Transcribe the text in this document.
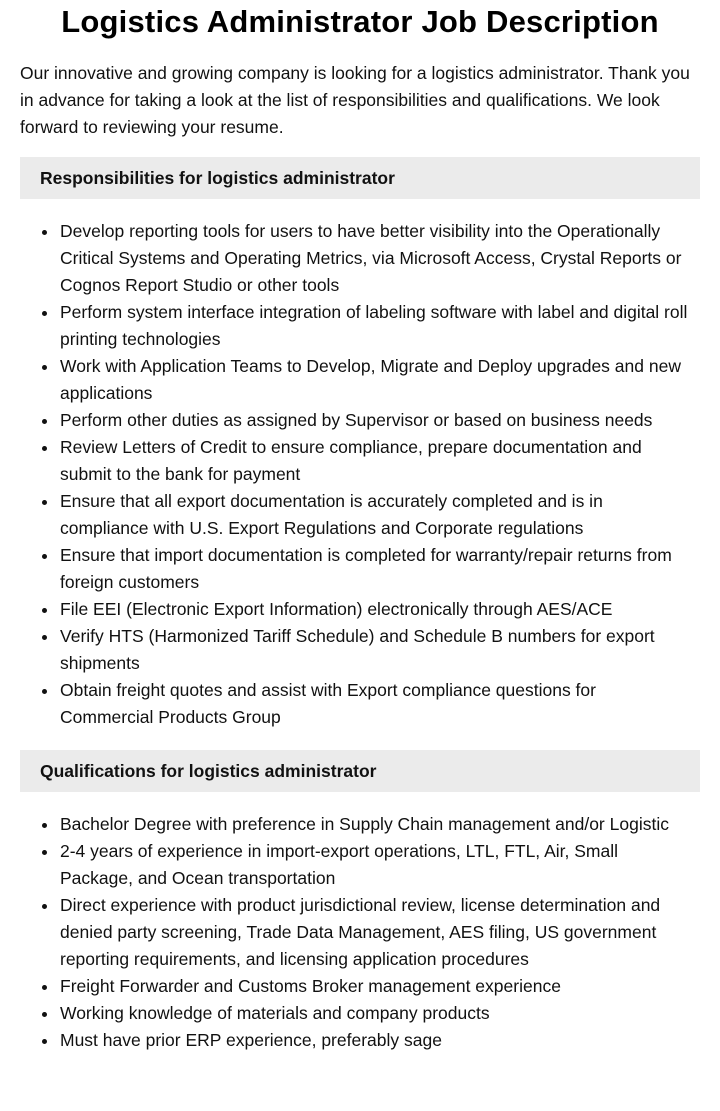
Logistics Administrator Job Description

Our innovative and growing company is looking for a logistics administrator. Thank you in advance for taking a look at the list of responsibilities and qualifications. We look forward to reviewing your resume.

Responsibilities for logistics administrator
Develop reporting tools for users to have better visibility into the Operationally Critical Systems and Operating Metrics, via Microsoft Access, Crystal Reports or Cognos Report Studio or other tools
Perform system interface integration of labeling software with label and digital roll printing technologies
Work with Application Teams to Develop, Migrate and Deploy upgrades and new applications
Perform other duties as assigned by Supervisor or based on business needs
Review Letters of Credit to ensure compliance, prepare documentation and submit to the bank for payment
Ensure that all export documentation is accurately completed and is in compliance with U.S. Export Regulations and Corporate regulations
Ensure that import documentation is completed for warranty/repair returns from foreign customers
File EEI (Electronic Export Information) electronically through AES/ACE
Verify HTS (Harmonized Tariff Schedule) and Schedule B numbers for export shipments
Obtain freight quotes and assist with Export compliance questions for Commercial Products Group
Qualifications for logistics administrator
Bachelor Degree with preference in Supply Chain management and/or Logistic
2-4 years of experience in import-export operations, LTL, FTL, Air, Small Package, and Ocean transportation
Direct experience with product jurisdictional review, license determination and denied party screening, Trade Data Management, AES filing, US government reporting requirements, and licensing application procedures
Freight Forwarder and Customs Broker management experience
Working knowledge of materials and company products
Must have prior ERP experience, preferably sage
